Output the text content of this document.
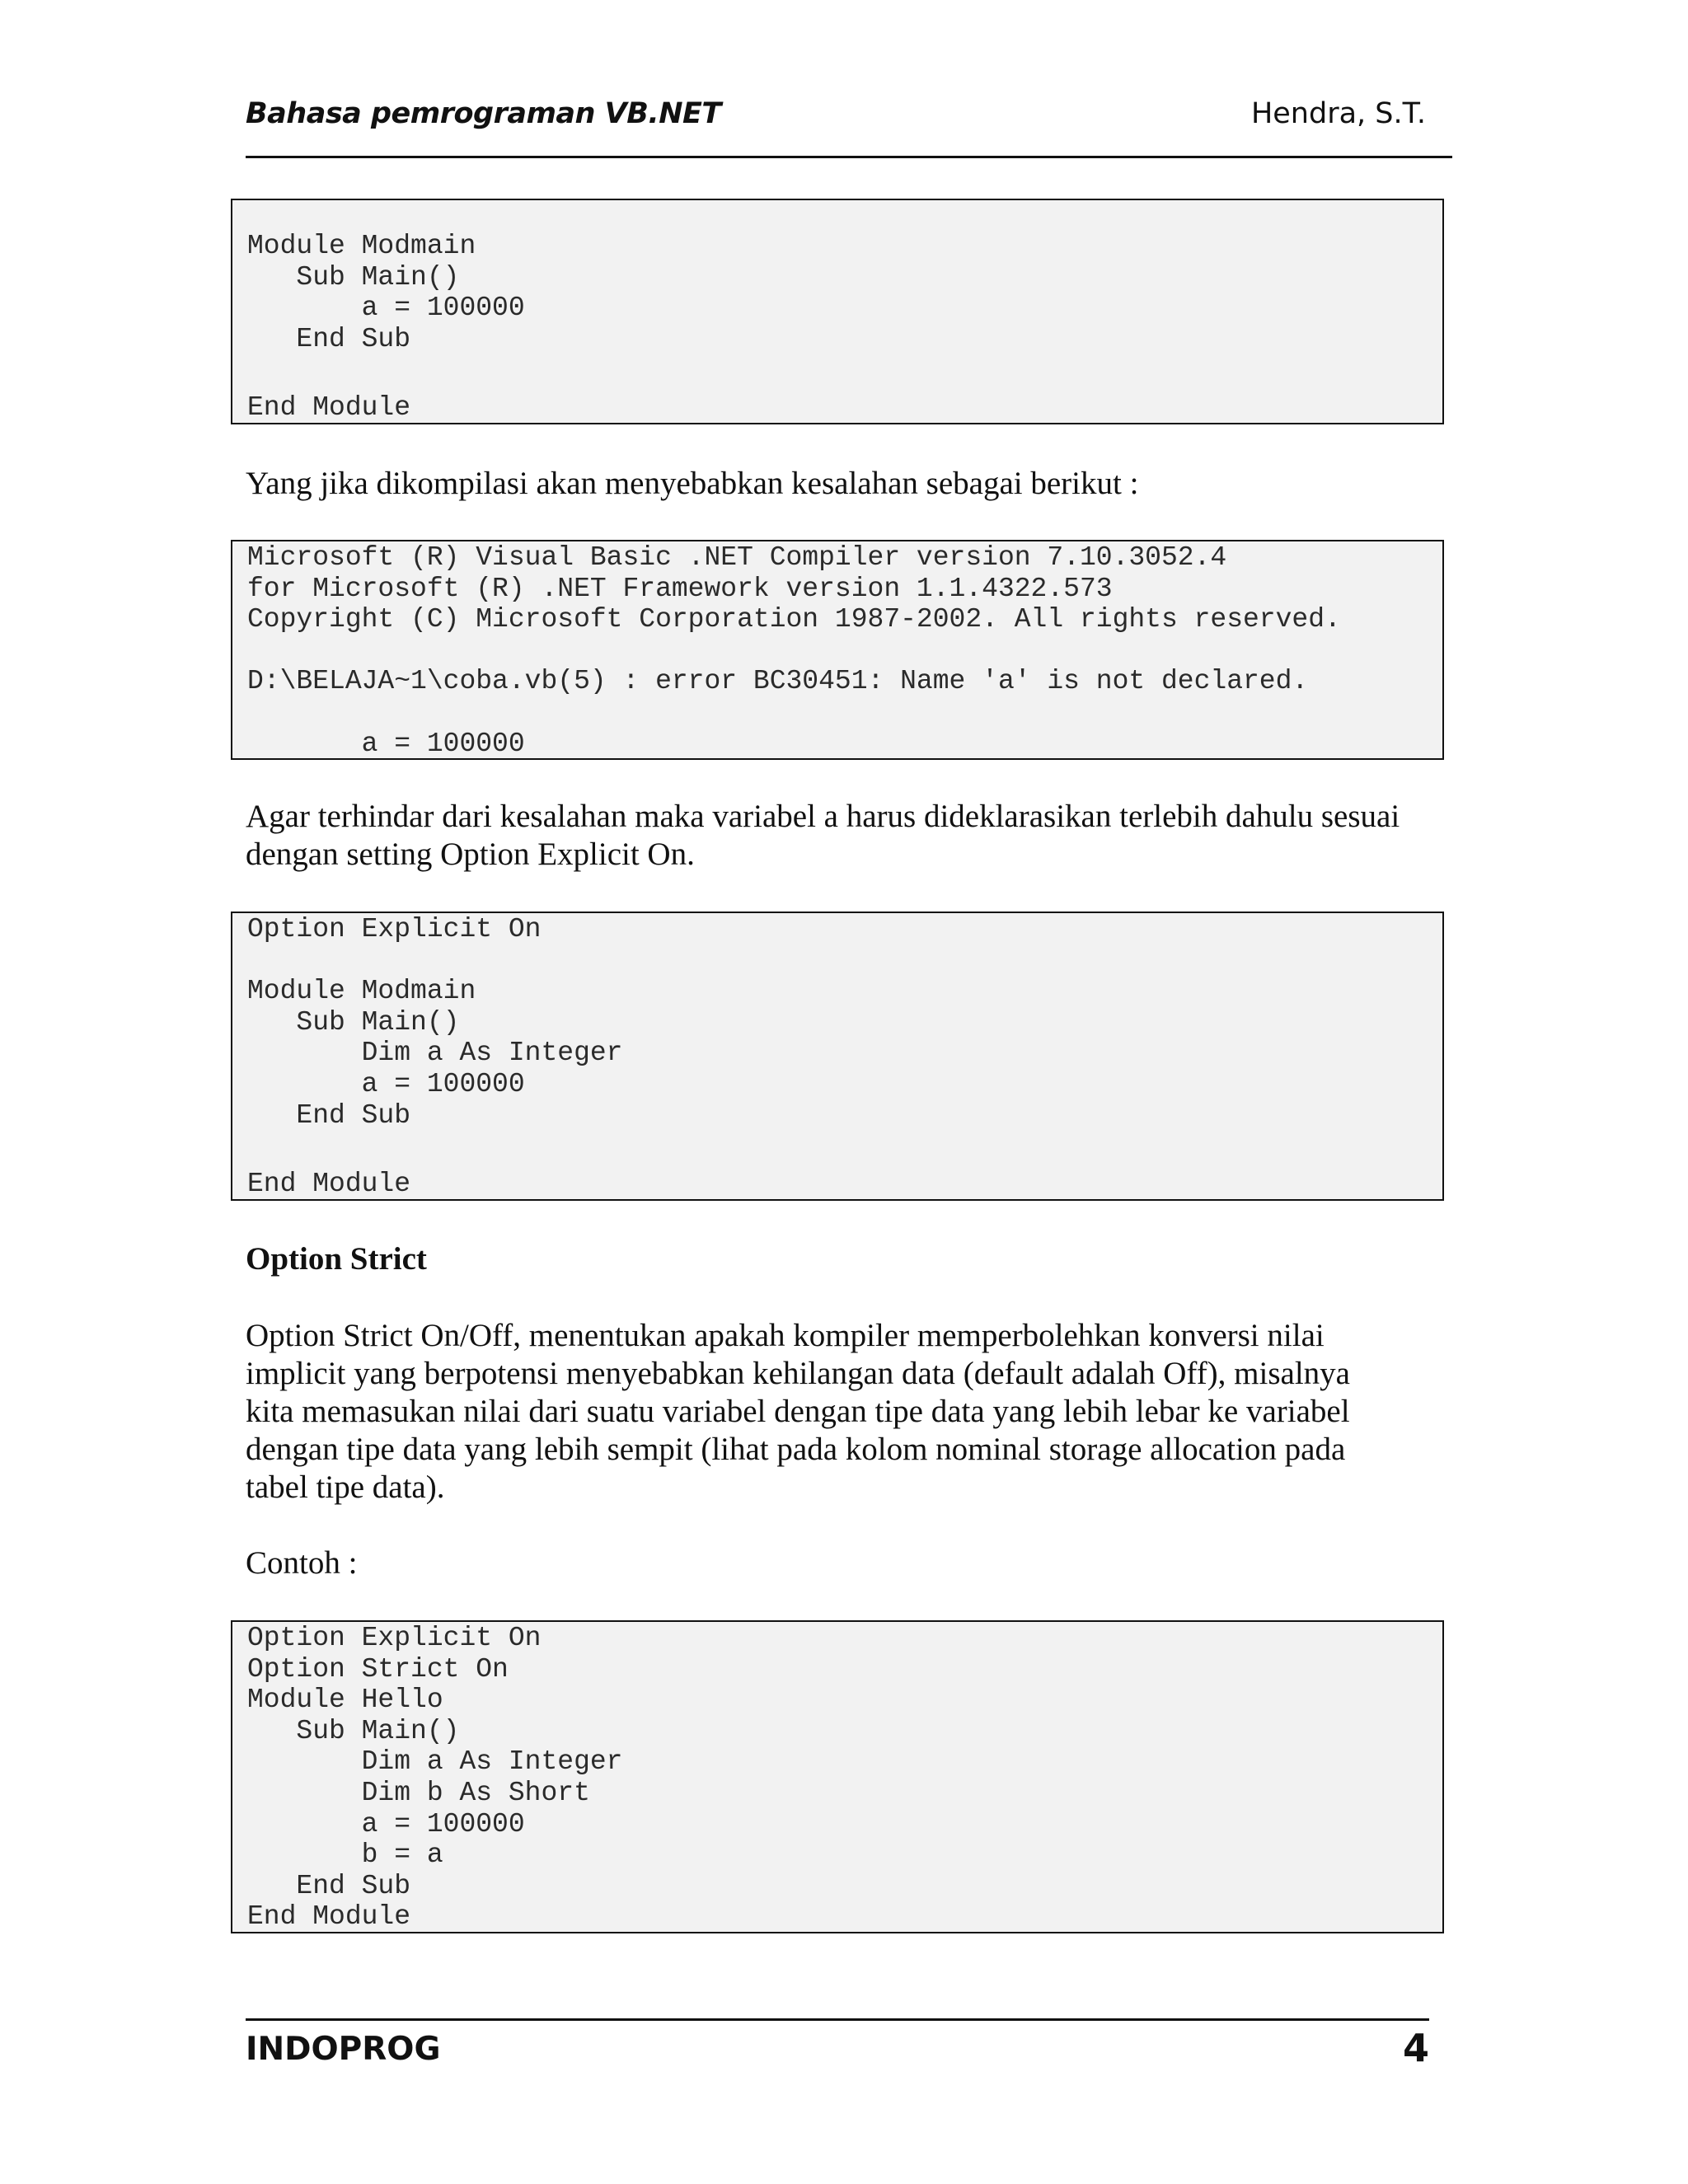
Bahasa pemrograman VB.NET	Hendra, S.T.
Module Modmain
Sub Main()
a = 100000
End Sub
End Module
Yang jika dikompilasi akan menyebabkan kesalahan sebagai berikut :
Microsoft (R) Visual Basic .NET Compiler version 7.10.3052.4
for Microsoft (R) .NET Framework version 1.1.4322.573
Copyright (C) Microsoft Corporation 1987-2002. All rights reserved.
D:\BELAJA~1\coba.vb(5) : error BC30451: Name 'a' is not declared.
a = 100000
Agar terhindar dari kesalahan maka variabel a harus dideklarasikan terlebih dahulu sesuai
dengan setting Option Explicit On.
Option Explicit On
Module Modmain
Sub Main()
Dim a As Integer
a = 100000
End Sub
End Module
Option Strict
Option Strict On/Off, menentukan apakah kompiler memperbolehkan konversi nilai
implicit yang berpotensi menyebabkan kehilangan data (default adalah Off), misalnya
kita memasukan nilai dari suatu variabel dengan tipe data yang lebih lebar ke variabel
dengan tipe data yang lebih sempit (lihat pada kolom nominal storage allocation pada
tabel tipe data).
Contoh :
Option Explicit On
Option Strict On
Module Hello
Sub Main()
Dim a As Integer
Dim b As Short
a = 100000
b = a
End Sub
End Module
INDOPROG	4
